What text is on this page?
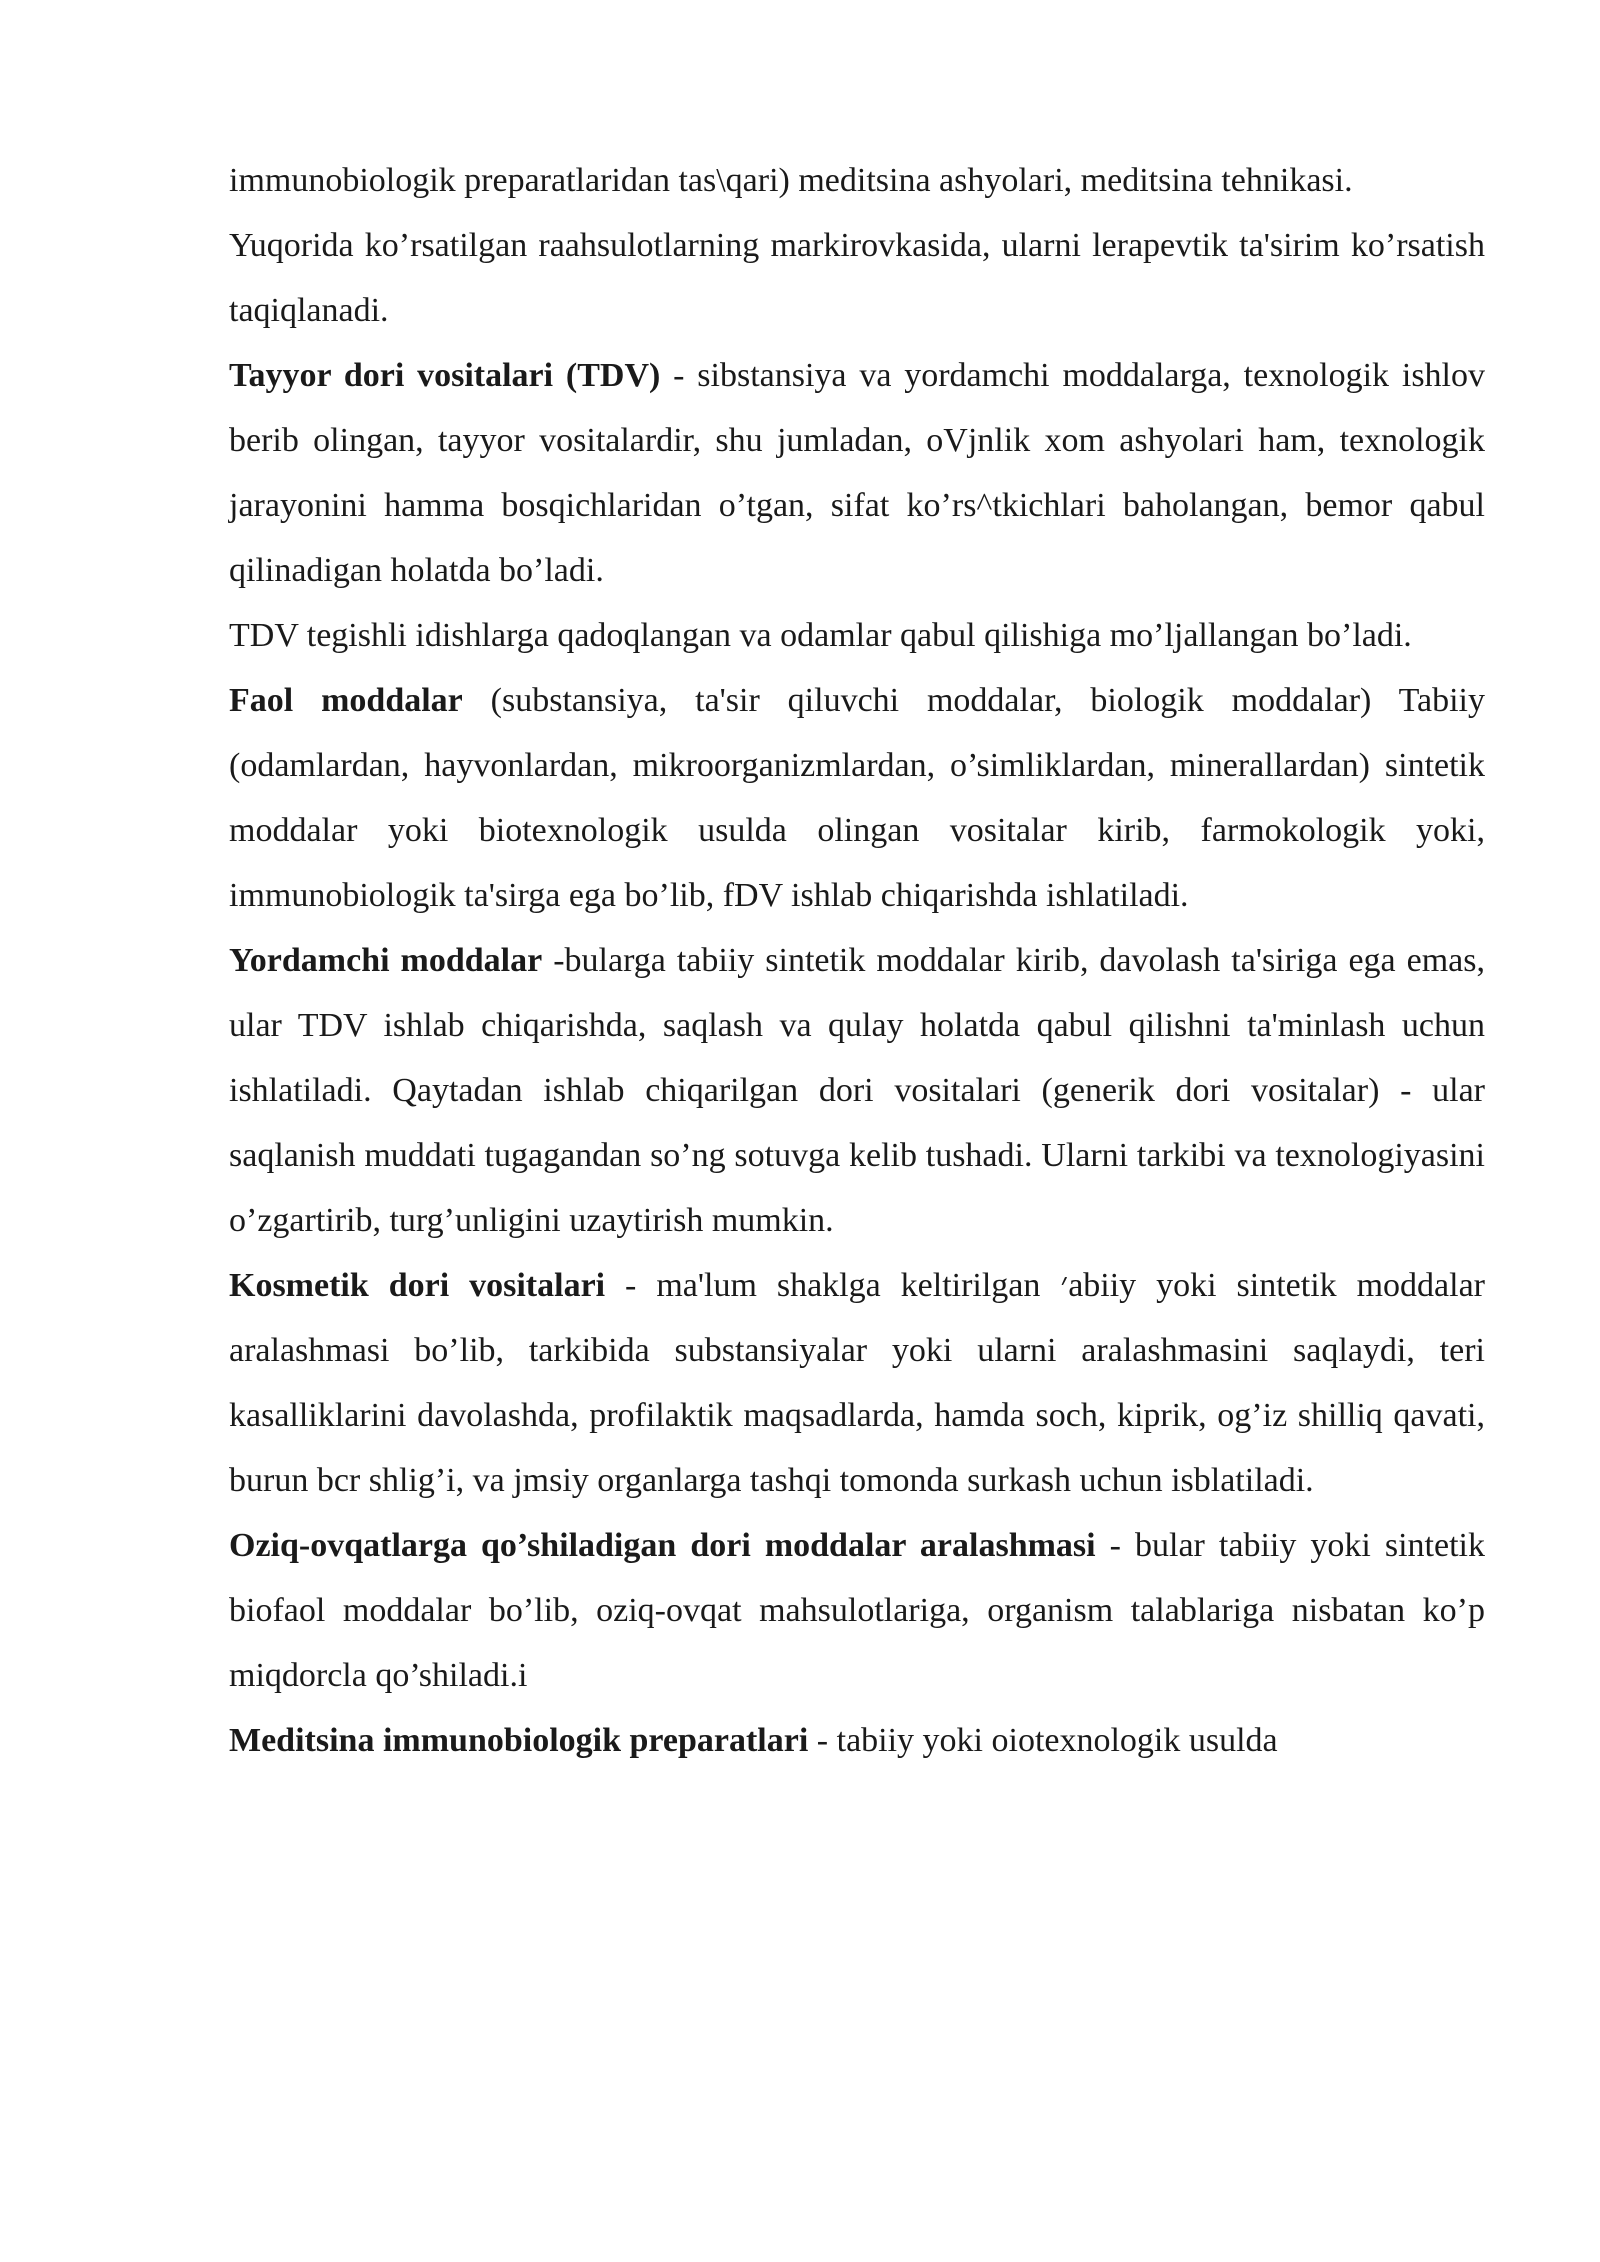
immunobiologik preparatlaridan tas\qari) meditsina ashyolari, meditsina tehnikasi.

Yuqorida ko’rsatilgan raahsulotlarning markirovkasida, ularni lerapevtik ta'sirim ko’rsatish taqiqlanadi.

Tayyor dori vositalari (TDV) - sibstansiya va yordamchi moddalarga, texnologik ishlov berib olingan, tayyor vositalardir, shu jumladan, oVjnlik xom ashyolari ham, texnologik jarayonini hamma bosqichlaridan o’tgan, sifat ko’rs^tkichlari baholangan, bemor qabul qilinadigan holatda bo’ladi.

TDV tegishli idishlarga qadoqlangan va odamlar qabul qilishiga mo’ljallangan bo’ladi.

Faol moddalar (substansiya, ta'sir qiluvchi moddalar, biologik moddalar) Tabiiy (odamlardan, hayvonlardan, mikroorganizmlardan, o’simliklardan, minerallardan) sintetik moddalar yoki biotexnologik usulda olingan vositalar kirib, farmokologik yoki, immunobiologik ta'sirga ega bo’lib, fDV ishlab chiqarishda ishlatiladi.

Yordamchi moddalar -bularga tabiiy sintetik moddalar kirib, davolash ta'siriga ega emas, ular TDV ishlab chiqarishda, saqlash va qulay holatda qabul qilishni ta'minlash uchun ishlatiladi. Qaytadan ishlab chiqarilgan dori vositalari (generik dori vositalar) - ular saqlanish muddati tugagandan so’ng sotuvga kelib tushadi. Ularni tarkibi va texnologiyasini o’zgartirib, turg’unligini uzaytirish mumkin.

Kosmetik dori vositalari - ma'lum shaklga keltirilgan ׳abiiy yoki sintetik moddalar aralashmasi bo’lib, tarkibida substansiyalar yoki ularni aralashmasini saqlaydi, teri kasalliklarini davolashda, profilaktik maqsadlarda, hamda soch, kiprik, og’iz shilliq qavati, burun bcr shlig’i, va jmsiy organlarga tashqi tomonda surkash uchun isblatiladi.

Oziq-ovqatlarga qo’shiladigan dori moddalar aralashmasi - bular tabiiy yoki sintetik biofaol moddalar bo’lib, oziq-ovqat mahsulotlariga, organism talablariga nisbatan ko’p miqdorcla qo’shiladi.i

Meditsina immunobiologik preparatlari - tabiiy yoki oiotexnologik usulda
